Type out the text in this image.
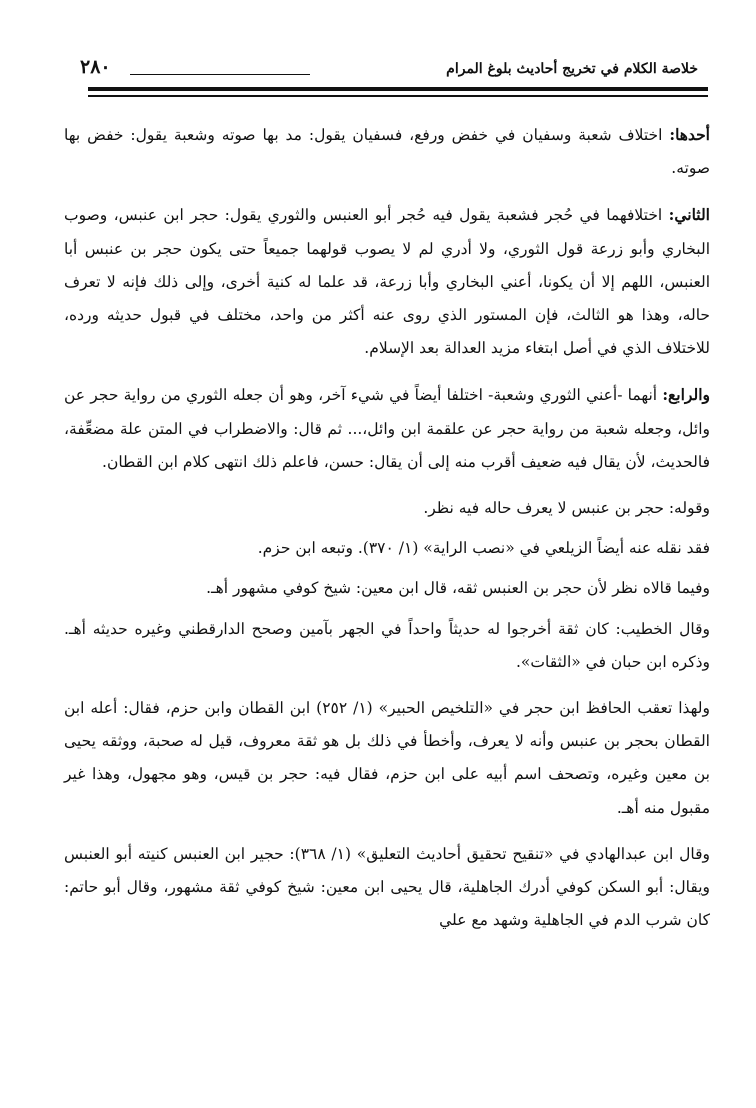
خلاصة الكلام في تخريج أحاديث بلوغ المرام
٢٨٠

أحدها: اختلاف شعبة وسفيان في خفض ورفع، فسفيان يقول: مد بها صوته وشعبة يقول: خفض بها صوته.

الثاني: اختلافهما في حُجر فشعبة يقول فيه حُجر أبو العنبس والثوري يقول: حجر ابن عنبس، وصوب البخاري وأبو زرعة قول الثوري، ولا أدري لم لا يصوب قولهما جميعاً حتى يكون حجر بن عنبس أبا العنبس، اللهم إلا أن يكونا، أعني البخاري وأبا زرعة، قد علما له كنية أخرى، وإلى ذلك فإنه لا تعرف حاله، وهذا هو الثالث، فإن المستور الذي روى عنه أكثر من واحد، مختلف في قبول حديثه ورده، للاختلاف الذي في أصل ابتغاء مزيد العدالة بعد الإسلام.

والرابع: أنهما -أعني الثوري وشعبة- اختلفا أيضاً في شيء آخر، وهو أن جعله الثوري من رواية حجر عن وائل، وجعله شعبة من رواية حجر عن علقمة ابن وائل،... ثم قال: والاضطراب في المتن علة مضعِّفة، فالحديث، لأن يقال فيه ضعيف أقرب منه إلى أن يقال: حسن، فاعلم ذلك انتهى كلام ابن القطان.

وقوله: حجر بن عنبس لا يعرف حاله فيه نظر.

فقد نقله عنه أيضاً الزيلعي في «نصب الراية» (١/ ٣٧٠). وتبعه ابن حزم.

وفيما قالاه نظر لأن حجر بن العنبس ثقه، قال ابن معين: شيخ كوفي مشهور أهـ.

وقال الخطيب: كان ثقة أخرجوا له حديثاً واحداً في الجهر بآمين وصحح الدارقطني وغيره حديثه أهـ. وذكره ابن حبان في «الثقات».

ولهذا تعقب الحافظ ابن حجر في «التلخيص الحبير» (١/ ٢٥٢) ابن القطان وابن حزم، فقال: أعله ابن القطان بحجر بن عنبس وأنه لا يعرف، وأخطأ في ذلك بل هو ثقة معروف، قيل له صحبة، ووثقه يحيى بن معين وغيره، وتصحف اسم أبيه على ابن حزم، فقال فيه: حجر بن قيس، وهو مجهول، وهذا غير مقبول منه أهـ.

وقال ابن عبدالهادي في «تنقيح تحقيق أحاديث التعليق» (١/ ٣٦٨): حجير ابن العنبس كنيته أبو العنبس ويقال: أبو السكن كوفي أدرك الجاهلية، قال يحيى ابن معين: شيخ كوفي ثقة مشهور، وقال أبو حاتم: كان شرب الدم في الجاهلية وشهد مع علي
